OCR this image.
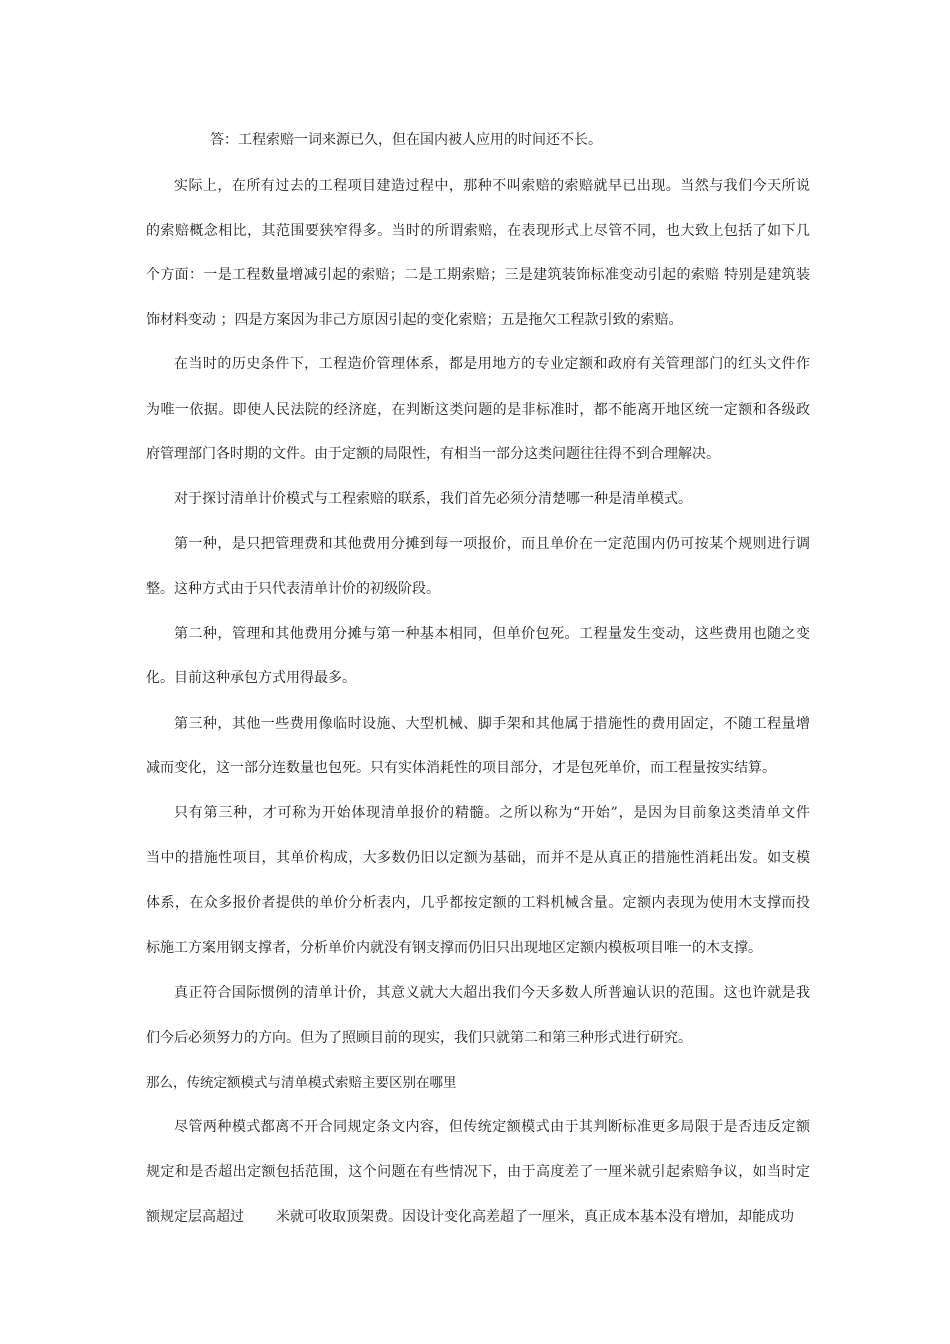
答：工程索赔一词来源已久，但在国内被人应用的时间还不长。
实际上，在所有过去的工程项目建造过程中，那种不叫索赔的索赔就早已出现。当然与我们今天所说
的索赔概念相比，其范围要狭窄得多。当时的所谓索赔，在表现形式上尽管不同，也大致上包括了如下几
个方面：一是工程数量增减引起的索赔；二是工期索赔；三是建筑装饰标准变动引起的索赔 特别是建筑装
饰材料变动 ；四是方案因为非己方原因引起的变化索赔；五是拖欠工程款引致的索赔。
在当时的历史条件下，工程造价管理体系，都是用地方的专业定额和政府有关管理部门的红头文件作
为唯一依据。即使人民法院的经济庭，在判断这类问题的是非标准时，都不能离开地区统一定额和各级政
府管理部门各时期的文件。由于定额的局限性，有相当一部分这类问题往往得不到合理解决。
对于探讨清单计价模式与工程索赔的联系，我们首先必须分清楚哪一种是清单模式。
第一种，是只把管理费和其他费用分摊到每一项报价，而且单价在一定范围内仍可按某个规则进行调
整。这种方式由于只代表清单计价的初级阶段。
第二种，管理和其他费用分摊与第一种基本相同，但单价包死。工程量发生变动，这些费用也随之变
化。目前这种承包方式用得最多。
第三种，其他一些费用像临时设施、大型机械、脚手架和其他属于措施性的费用固定，不随工程量增
减而变化，这一部分连数量也包死。只有实体消耗性的项目部分，才是包死单价，而工程量按实结算。
只有第三种，才可称为开始体现清单报价的精髓。之所以称为“开始”，是因为目前象这类清单文件
当中的措施性项目，其单价构成，大多数仍旧以定额为基础，而并不是从真正的措施性消耗出发。如支模
体系，在众多报价者提供的单价分析表内，几乎都按定额的工料机械含量。定额内表现为使用木支撑而投
标施工方案用钢支撑者，分析单价内就没有钢支撑而仍旧只出现地区定额内模板项目唯一的木支撑。
真正符合国际惯例的清单计价，其意义就大大超出我们今天多数人所普遍认识的范围。这也许就是我
们今后必须努力的方向。但为了照顾目前的现实，我们只就第二和第三种形式进行研究。
那么，传统定额模式与清单模式索赔主要区别在哪里
尽管两种模式都离不开合同规定条文内容，但传统定额模式由于其判断标准更多局限于是否违反定额
规定和是否超出定额包括范围，这个问题在有些情况下，由于高度差了一厘米就引起索赔争议，如当时定
额规定层高超过 米就可收取顶架费。因设计变化高差超了一厘米，真正成本基本没有增加，却能成功
